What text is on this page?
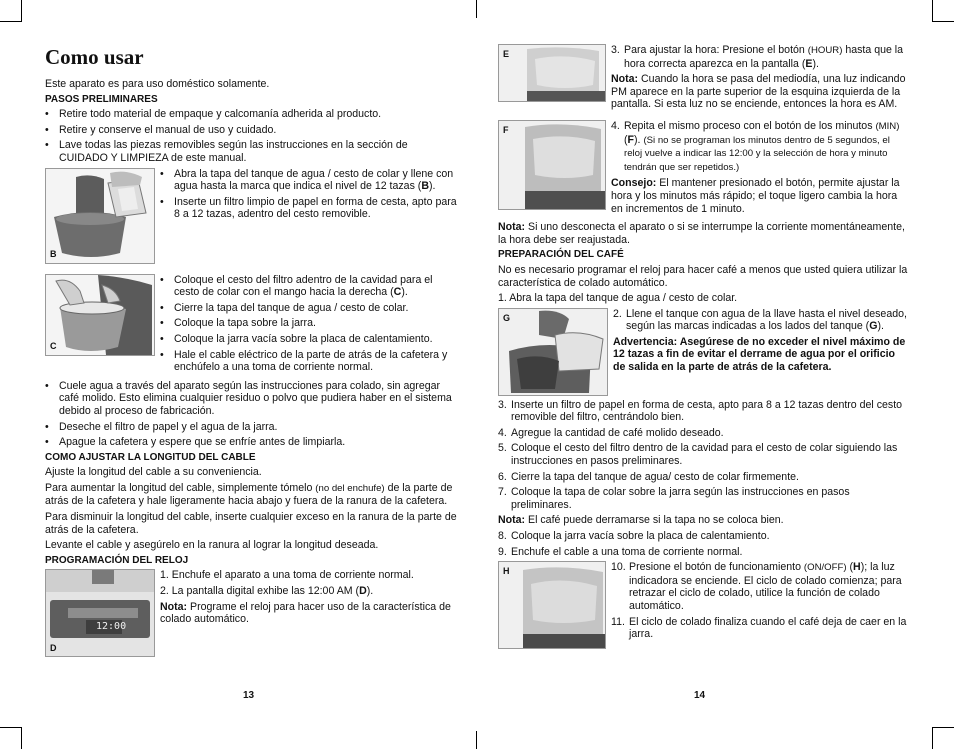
Como usar

Este aparato es para uso doméstico solamente.

PASOS PRELIMINARES
• Retire todo material de empaque y calcomanía adherida al producto.
• Retire y conserve el manual de uso y cuidado.
• Lave todas las piezas removibles según las instrucciones en la sección de CUIDADO Y LIMPIEZA de este manual.
B
• Abra la tapa del tanque de agua / cesto de colar y llene con agua hasta la marca que indica el nivel de 12 tazas (B).
• Inserte un filtro limpio de papel en forma de cesta, apto para 8 a 12 tazas, adentro del cesto removible.
C
• Coloque el cesto del filtro adentro de la cavidad para el cesto de colar con el mango hacia la derecha (C).
• Cierre la tapa del tanque de agua / cesto de colar.
• Coloque la tapa sobre la jarra.
• Coloque la jarra vacía sobre la placa de calentamiento.
• Hale el cable eléctrico de la parte de atrás de la cafetera y enchúfelo a una toma de corriente normal.
• Cuele agua a través del aparato según las instrucciones para colado, sin agregar café molido. Esto elimina cualquier residuo o polvo que pudiera haber en el sistema debido al proceso de fabricación.
• Deseche el filtro de papel y el agua de la jarra.
• Apague la cafetera y espere que se enfríe antes de limpiarla.
COMO AJUSTAR LA LONGITUD DEL CABLE

Ajuste la longitud del cable a su conveniencia.

Para aumentar la longitud del cable, simplemente tómelo (no del enchufe) de la parte de atrás de la cafetera y hale ligeramente hacia abajo y fuera de la ranura de la cafetera.

Para disminuir la longitud del cable, inserte cualquier exceso en la ranura de la parte de atrás de la cafetera.

Levante el cable y asegúrelo en la ranura al lograr la longitud deseada.

PROGRAMACIÓN DEL RELOJ
12:00
D

1. Enchufe el aparato a una toma de corriente normal.

2. La pantalla digital exhibe las 12:00 AM (D).

Nota: Programe el reloj para hacer uso de la característica de colado automático.

13
E	3. Para ajustar la hora: Presione el botón (HOUR) hasta que la hora correcta aparezca en la pantalla (E).

Nota: Cuando la hora se pasa del mediodía, una luz indicando PM aparece en la parte superior de la esquina izquierda de la pantalla. Si esta luz no se enciende, entonces la hora es AM.

F	4. Repita el mismo proceso con el botón de los minutos (MIN) (F). (Si no se programan los minutos dentro de 5 segundos, el reloj vuelve a indicar las 12:00 y la selección de hora y minuto tendrán que ser repetidos.)

Consejo: El mantener presionado el botón, permite ajustar la hora y los minutos más rápido; el toque ligero cambia la hora en incrementos de 1 minuto.

Nota: Si uno desconecta el aparato o si se interrumpe la corriente momentáneamente, la hora debe ser reajustada.

PREPARACIÓN DEL CAFÉ

No es necesario programar el reloj para hacer café a menos que usted quiera utilizar la característica de colado automático.

1. Abra la tapa del tanque de agua / cesto de colar.

G	2. Llene el tanque con agua de la llave hasta el nivel deseado, según las marcas indicadas a los lados del tanque (G).

Advertencia: Asegúrese de no exceder el nivel máximo de 12 tazas a fin de evitar el derrame de agua por el orificio de salida en la parte de atrás de la cafetera.

3. Inserte un filtro de papel en forma de cesta, apto para 8 a 12 tazas dentro del cesto removible del filtro, centrándolo bien.
4. Agregue la cantidad de café molido deseado.
5. Coloque el cesto del filtro dentro de la cavidad para el cesto de colar siguiendo las instrucciones en pasos preliminares.
6. Cierre la tapa del tanque de agua/ cesto de colar firmemente.
7. Coloque la tapa de colar sobre la jarra según las instrucciones en pasos preliminares.

Nota: El café puede derramarse si la tapa no se coloca bien.

8. Coloque la jarra vacía sobre la placa de calentamiento.
9. Enchufe el cable a una toma de corriente normal.
H	10. Presione el botón de funcionamiento (ON/OFF) (H); la luz indicadora se enciende. El ciclo de colado comienza; para retrazar el ciclo de colado, utilice la función de colado automático.
11. El ciclo de colado finaliza cuando el café deja de caer en la jarra.
14
